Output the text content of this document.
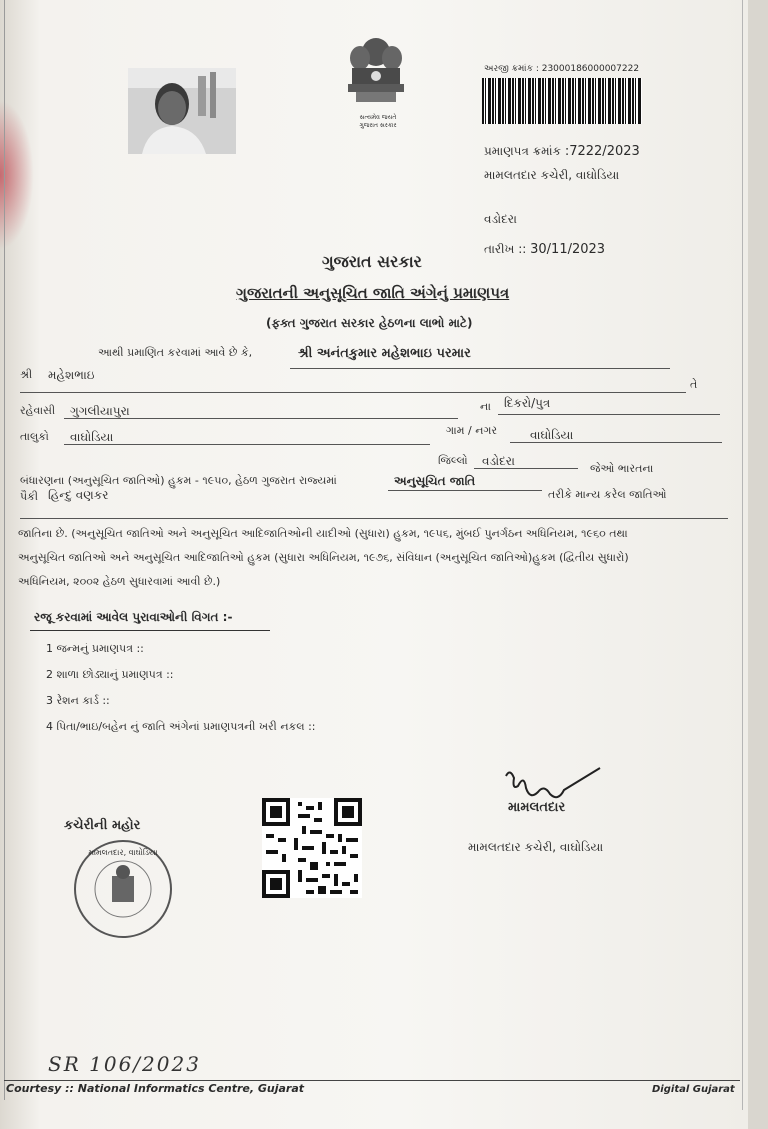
સત્યમેવ જયતે
ગુજરાત સરકાર
અરજી ક્રમાંક : 23000186000007222
પ્રમાણપત્ર ક્રમાંક :7222/2023
મામલતદાર કચેરી, વાઘોડિયા
વડોદરા
તારીખ :: 30/11/2023
ગુજરાત સરકાર
ગુજરાતની અનુસૂચિત જાતિ અંગેનું પ્રમાણપત્ર
(ફક્ત ગુજરાત સરકાર હેઠળના લાભો માટે)
આથી પ્રમાણિત કરવામાં આવે છે કે,	શ્રી અનંતકુમાર મહેશભાઇ પરમાર
શ્રી મહેશભાઇ
તે
રહેવાસી ગુગલીયાપુરા	ના દિકરો/પુત્ર
તાલુકો વાઘોડિયા	ગામ / નગર	વાઘોડિયા
જિલ્લો વડોદરા
જેઓ ભારતના
બંધારણના (અનુસૂચિત જાતિઓ) હુકમ - ૧૯૫૦, હેઠળ ગુજરાત રાજ્યમાં	અનુસૂચિત જાતિ
પૈકી હિન્દુ વણકર	તરીકે માન્ય કરેલ જાતિઓ
જાતિના છે. (અનુસૂચિત જાતિઓ અને અનુસૂચિત આદિજાતિઓની યાદીઓ (સુધારા) હુકમ, ૧૯૫૬, મુંબઈ પુનર્ગઠન અધિનિયમ, ૧૯૬૦ તથા
અનુસૂચિત જાતિઓ અને અનુસૂચિત આદિજાતિઓ હુકમ (સુધારા અધિનિયમ, ૧૯૭૬, સંવિધાન (અનુસૂચિત જાતિઓ)હુકમ (દ્વિતીય સુધારો)
અધિનિયમ, ૨૦૦૨ હેઠળ સુધારવામાં આવી છે.)
રજૂ કરવામાં આવેલ પુરાવાઓની વિગત :-
1 જન્મનું પ્રમાણપત્ર ::
2 શાળા છોડ્યાનું પ્રમાણપત્ર ::
3 રેશન કાર્ડ ::
4 પિતા/ભાઇ/બહેન નું જાતિ અંગેનાં પ્રમાણપત્રની ખરી નકલ ::
કચેરીની મહોર
મામલતદાર, વાઘોડિયા
મામલતદાર
મામલતદાર કચેરી, વાઘોડિયા
SR 106/2023
Courtesy :: National Informatics Centre, Gujarat	Digital Gujarat
